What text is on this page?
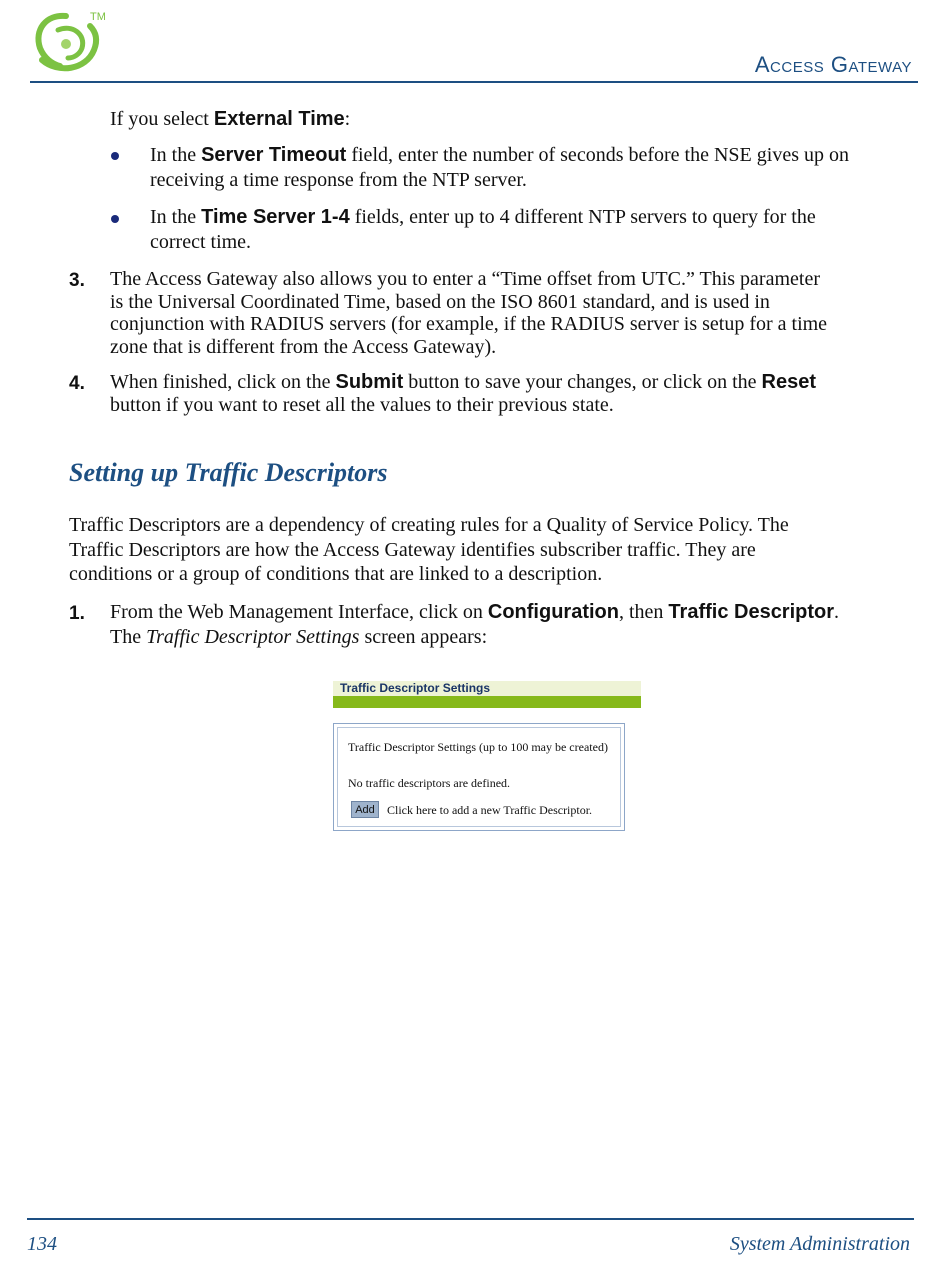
TM
Access Gateway

If you select External Time:

In the Server Timeout field, enter the number of seconds before the NSE gives up on
receiving a time response from the NTP server.

In the Time Server 1-4 fields, enter up to 4 different NTP servers to query for the
correct time.

3. The Access Gateway also allows you to enter a “Time offset from UTC.” This parameter
is the Universal Coordinated Time, based on the ISO 8601 standard, and is used in
conjunction with RADIUS servers (for example, if the RADIUS server is setup for a time
zone that is different from the Access Gateway).

4. When finished, click on the Submit button to save your changes, or click on the Reset
button if you want to reset all the values to their previous state.

Setting up Traffic Descriptors

Traffic Descriptors are a dependency of creating rules for a Quality of Service Policy. The
Traffic Descriptors are how the Access Gateway identifies subscriber traffic. They are
conditions or a group of conditions that are linked to a description.

1. From the Web Management Interface, click on Configuration, then Traffic Descriptor.
The Traffic Descriptor Settings screen appears:

Traffic Descriptor Settings
Traffic Descriptor Settings (up to 100 may be created)
No traffic descriptors are defined.
Add	Click here to add a new Traffic Descriptor.
134	System Administration
